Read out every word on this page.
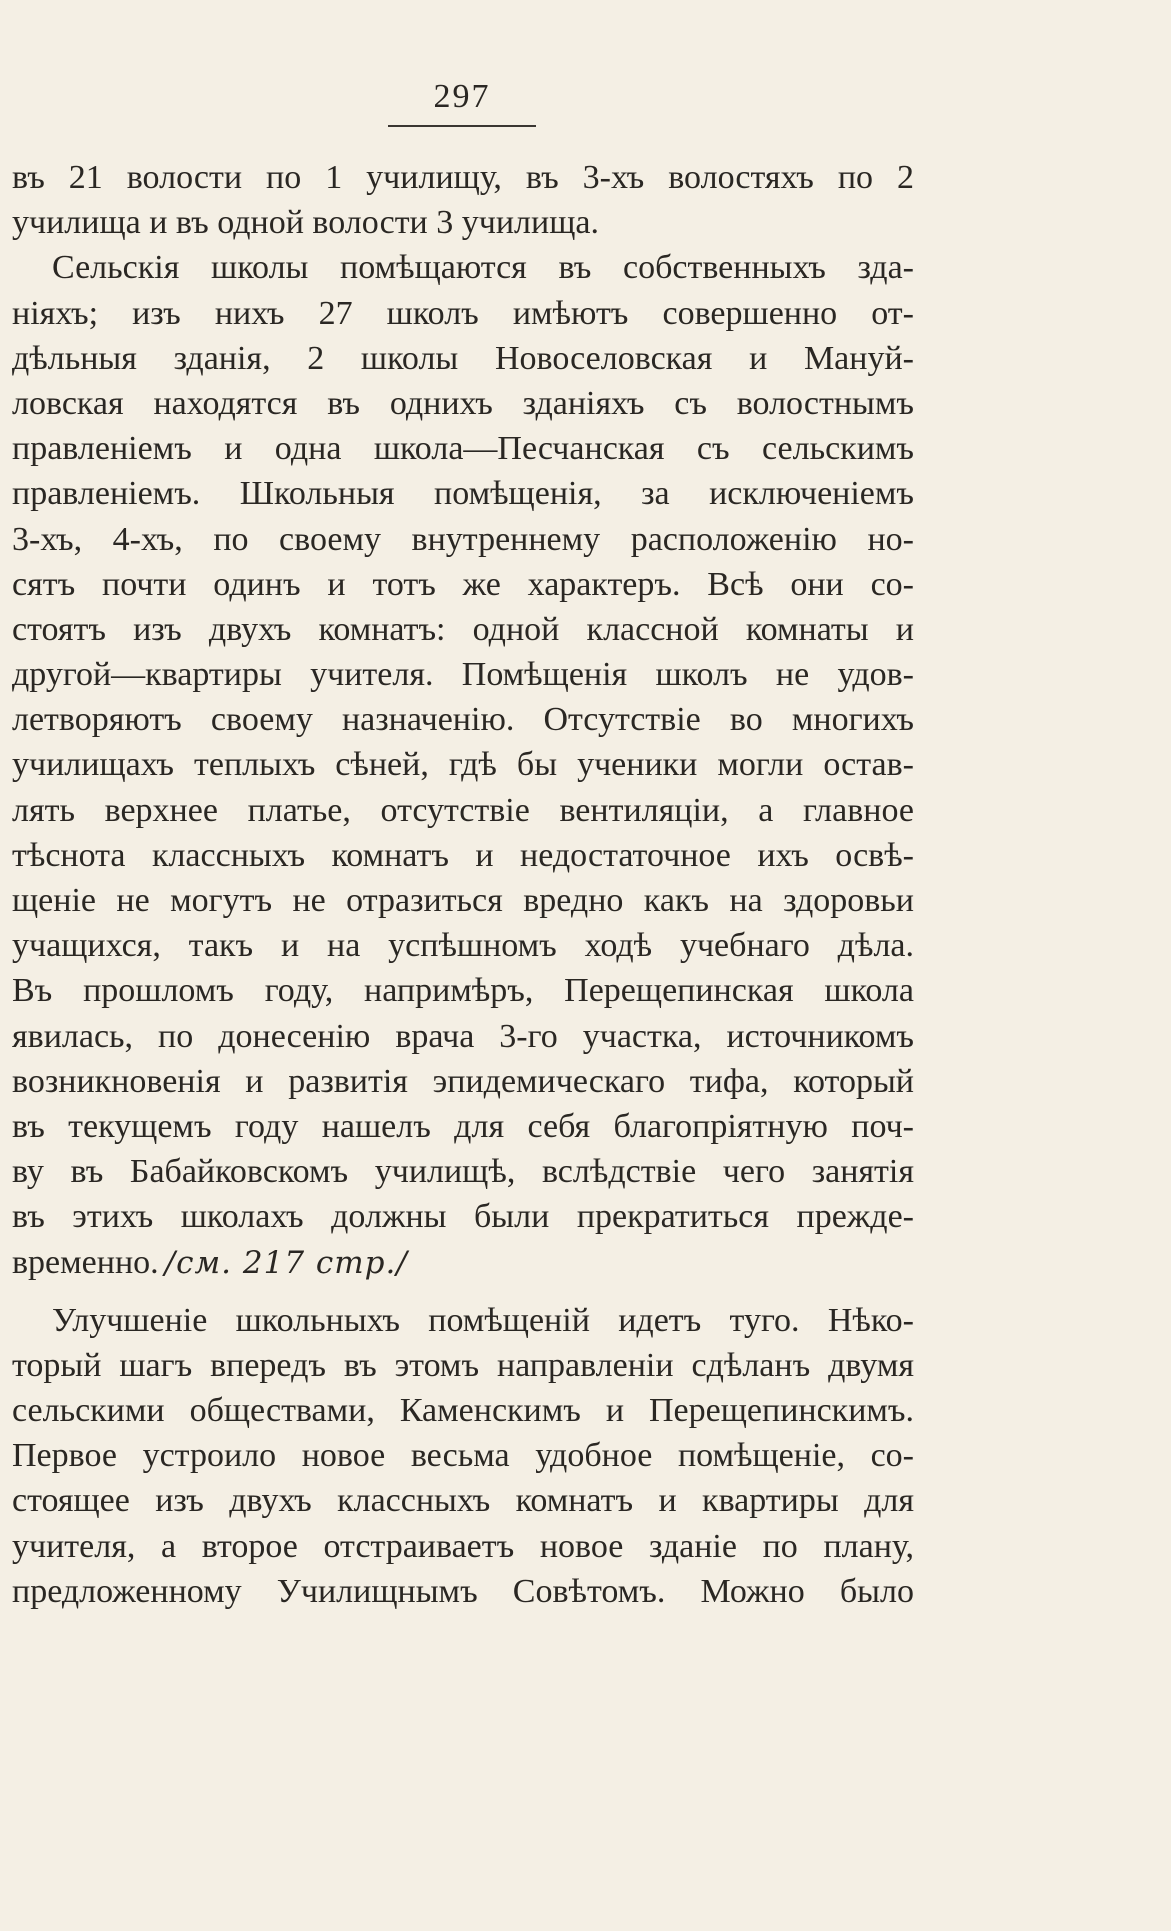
297
въ 21 волости по 1 училищу, въ 3-хъ волостяхъ по 2
училища и въ одной волости 3 училища.
Сельскія школы помѣщаются въ собственныхъ зда-
ніяхъ; изъ нихъ 27 школъ имѣютъ совершенно от-
дѣльныя зданія, 2 школы Новоселовская и Мануй-
ловская находятся въ однихъ зданіяхъ съ волостнымъ
правленіемъ и одна школа—Песчанская съ сельскимъ
правленіемъ. Школьныя помѣщенія, за исключеніемъ
3-хъ, 4-хъ, по своему внутреннему расположенію но-
сятъ почти одинъ и тотъ же характеръ. Всѣ они со-
стоятъ изъ двухъ комнатъ: одной классной комнаты и
другой—квартиры учителя. Помѣщенія школъ не удов-
летворяютъ своему назначенію. Отсутствіе во многихъ
училищахъ теплыхъ сѣней, гдѣ бы ученики могли остав-
лять верхнее платье, отсутствіе вентиляціи, а главное
тѣснота классныхъ комнатъ и недостаточное ихъ освѣ-
щеніе не могутъ не отразиться вредно какъ на здоровьи
учащихся, такъ и на успѣшномъ ходѣ учебнаго дѣла.
Въ прошломъ году, напримѣръ, Перещепинская школа
явилась, по донесенію врача 3-го участка, источникомъ
возникновенія и развитія эпидемическаго тифа, который
въ текущемъ году нашелъ для себя благопріятную поч-
ву въ Бабайковскомъ училищѣ, вслѣдствіе чего занятія
въ этихъ школахъ должны были прекратиться прежде-
временно. /см. 217 стр./
Улучшеніе школьныхъ помѣщеній идетъ туго. Нѣко-
торый шагъ впередъ въ этомъ направленіи сдѣланъ двумя
сельскими обществами, Каменскимъ и Перещепинскимъ.
Первое устроило новое весьма удобное помѣщеніе, со-
стоящее изъ двухъ классныхъ комнатъ и квартиры для
учителя, а второе отстраиваетъ новое зданіе по плану,
предложенному Училищнымъ Совѣтомъ. Можно было
